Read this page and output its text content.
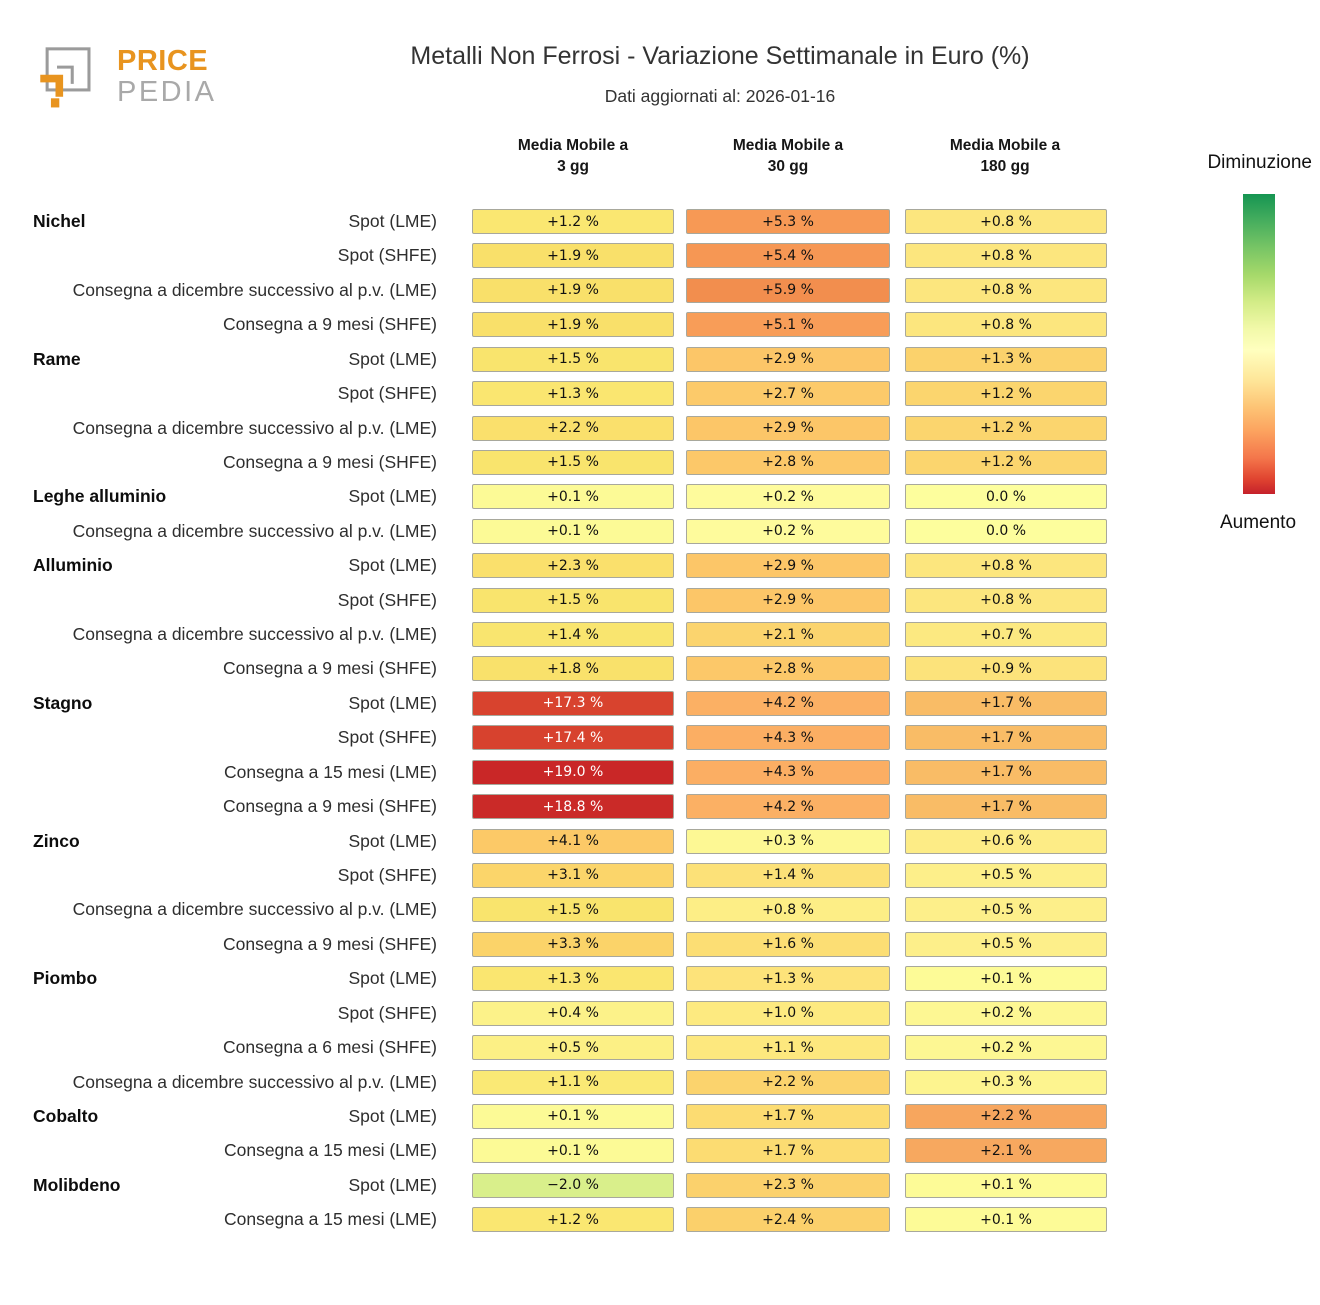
PRICE
PEDIA
Metalli Non Ferrosi - Variazione Settimanale in Euro (%)
Dati aggiornati al: 2026-01-16
Media Mobile a
3 gg
Media Mobile a
30 gg
Media Mobile a
180 gg	Diminuzione
Aumento
Nichel	Spot (LME)	+1.2 %	+5.3 %	+0.8 %
Spot (SHFE)	+1.9 %	+5.4 %	+0.8 %
Consegna a dicembre successivo al p.v. (LME)	+1.9 %	+5.9 %	+0.8 %
Consegna a 9 mesi (SHFE)	+1.9 %	+5.1 %	+0.8 %
Rame	Spot (LME)	+1.5 %	+2.9 %	+1.3 %
Spot (SHFE)	+1.3 %	+2.7 %	+1.2 %
Consegna a dicembre successivo al p.v. (LME)	+2.2 %	+2.9 %	+1.2 %
Consegna a 9 mesi (SHFE)	+1.5 %	+2.8 %	+1.2 %
Leghe alluminio	Spot (LME)	+0.1 %	+0.2 %	0.0 %
Consegna a dicembre successivo al p.v. (LME)	+0.1 %	+0.2 %	0.0 %
Alluminio	Spot (LME)	+2.3 %	+2.9 %	+0.8 %
Spot (SHFE)	+1.5 %	+2.9 %	+0.8 %
Consegna a dicembre successivo al p.v. (LME)	+1.4 %	+2.1 %	+0.7 %
Consegna a 9 mesi (SHFE)	+1.8 %	+2.8 %	+0.9 %
Stagno	Spot (LME)	+17.3 %	+4.2 %	+1.7 %
Spot (SHFE)	+17.4 %	+4.3 %	+1.7 %
Consegna a 15 mesi (LME)	+19.0 %	+4.3 %	+1.7 %
Consegna a 9 mesi (SHFE)	+18.8 %	+4.2 %	+1.7 %
Zinco	Spot (LME)	+4.1 %	+0.3 %	+0.6 %
Spot (SHFE)	+3.1 %	+1.4 %	+0.5 %
Consegna a dicembre successivo al p.v. (LME)	+1.5 %	+0.8 %	+0.5 %
Consegna a 9 mesi (SHFE)	+3.3 %	+1.6 %	+0.5 %
Piombo	Spot (LME)	+1.3 %	+1.3 %	+0.1 %
Spot (SHFE)	+0.4 %	+1.0 %	+0.2 %
Consegna a 6 mesi (SHFE)	+0.5 %	+1.1 %	+0.2 %
Consegna a dicembre successivo al p.v. (LME)	+1.1 %	+2.2 %	+0.3 %
Cobalto	Spot (LME)	+0.1 %	+1.7 %	+2.2 %
Consegna a 15 mesi (LME)	+0.1 %	+1.7 %	+2.1 %
Molibdeno	Spot (LME)	−2.0 %	+2.3 %	+0.1 %
Consegna a 15 mesi (LME)	+1.2 %	+2.4 %	+0.1 %
